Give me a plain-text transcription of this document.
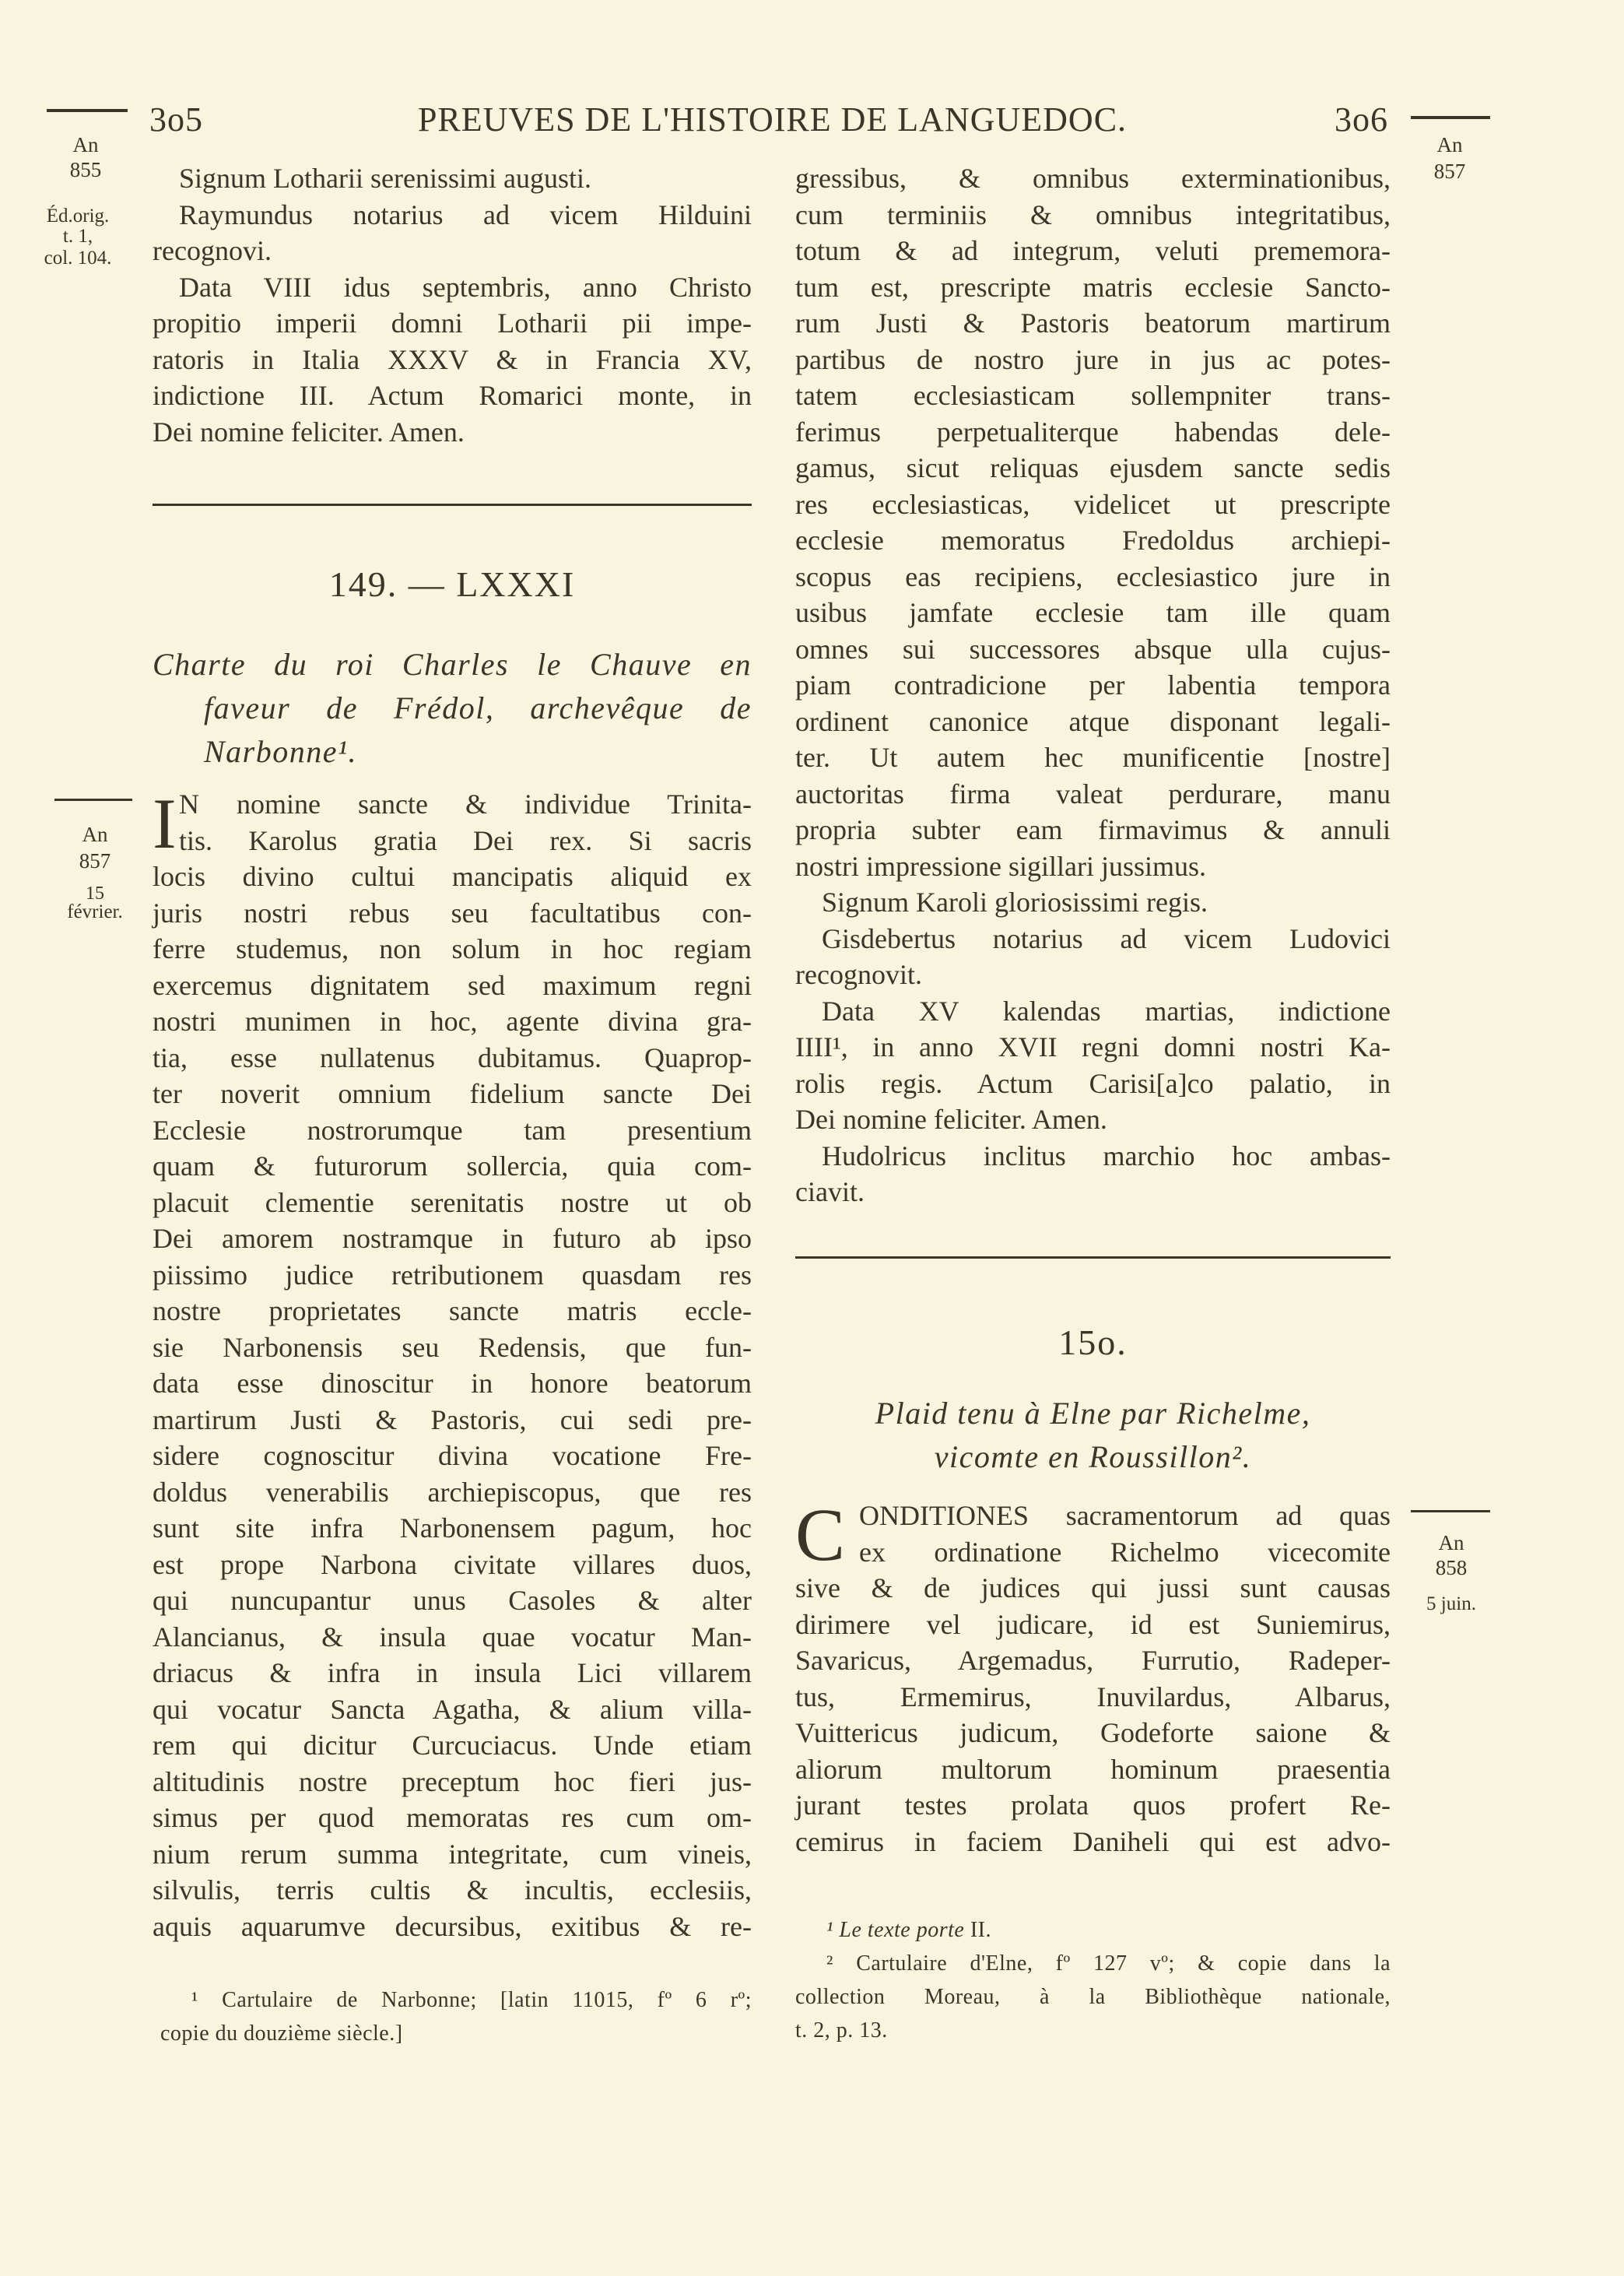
3o5	PREUVES DE L'HISTOIRE DE LANGUEDOC.	3o6
An
855
Éd.orig.
t. 1,
col. 104.
An
857
15
février.
An
857
An
858
5 juin.
Signum Lotharii serenissimi augusti.
Raymundus notarius ad vicem Hilduini
recognovi.
Data VIII idus septembris, anno Christo
propitio imperii domni Lotharii pii impe-
ratoris in Italia XXXV & in Francia XV,
indictione III. Actum Romarici monte, in
Dei nomine feliciter. Amen.
149. — LXXXI
Charte du roi Charles le Chauve en
faveur de Frédol, archevêque de
Narbonne¹.
I N nomine sancte & individue Trinita-
tis. Karolus gratia Dei rex. Si sacris
locis divino cultui mancipatis aliquid ex
juris nostri rebus seu facultatibus con-
ferre studemus, non solum in hoc regiam
exercemus dignitatem sed maximum regni
nostri munimen in hoc, agente divina gra-
tia, esse nullatenus dubitamus. Quaprop-
ter noverit omnium fidelium sancte Dei
Ecclesie nostrorumque tam presentium
quam & futurorum sollercia, quia com-
placuit clementie serenitatis nostre ut ob
Dei amorem nostramque in futuro ab ipso
piissimo judice retributionem quasdam res
nostre proprietates sancte matris eccle-
sie Narbonensis seu Redensis, que fun-
data esse dinoscitur in honore beatorum
martirum Justi & Pastoris, cui sedi pre-
sidere cognoscitur divina vocatione Fre-
doldus venerabilis archiepiscopus, que res
sunt site infra Narbonensem pagum, hoc
est prope Narbona civitate villares duos,
qui nuncupantur unus Casoles & alter
Alancianus, & insula quae vocatur Man-
driacus & infra in insula Lici villarem
qui vocatur Sancta Agatha, & alium villa-
rem qui dicitur Curcuciacus. Unde etiam
altitudinis nostre preceptum hoc fieri jus-
simus per quod memoratas res cum om-
nium rerum summa integritate, cum vineis,
silvulis, terris cultis & incultis, ecclesiis,
aquis aquarumve decursibus, exitibus & re-
¹ Cartulaire de Narbonne; [latin 11015, fº 6 rº;
copie du douzième siècle.]
gressibus, & omnibus exterminationibus,
cum terminiis & omnibus integritatibus,
totum & ad integrum, veluti prememora-
tum est, prescripte matris ecclesie Sancto-
rum Justi & Pastoris beatorum martirum
partibus de nostro jure in jus ac potes-
tatem ecclesiasticam sollempniter trans-
ferimus perpetualiterque habendas dele-
gamus, sicut reliquas ejusdem sancte sedis
res ecclesiasticas, videlicet ut prescripte
ecclesie memoratus Fredoldus archiepi-
scopus eas recipiens, ecclesiastico jure in
usibus jamfate ecclesie tam ille quam
omnes sui successores absque ulla cujus-
piam contradicione per labentia tempora
ordinent canonice atque disponant legali-
ter. Ut autem hec munificentie [nostre]
auctoritas firma valeat perdurare, manu
propria subter eam firmavimus & annuli
nostri impressione sigillari jussimus.
Signum Karoli gloriosissimi regis.
Gisdebertus notarius ad vicem Ludovici
recognovit.
Data XV kalendas martias, indictione
IIII¹, in anno XVII regni domni nostri Ka-
rolis regis. Actum Carisi[a]co palatio, in
Dei nomine feliciter. Amen.
Hudolricus inclitus marchio hoc ambas-
ciavit.
15o.
Plaid tenu à Elne par Richelme,
vicomte en Roussillon².
C ONDITIONES sacramentorum ad quas
ex ordinatione Richelmo vicecomite
sive & de judices qui jussi sunt causas
dirimere vel judicare, id est Suniemirus,
Savaricus, Argemadus, Furrutio, Radeper-
tus, Ermemirus, Inuvilardus, Albarus,
Vuittericus judicum, Godeforte saione &
aliorum multorum hominum praesentia
jurant testes prolata quos profert Re-
cemirus in faciem Daniheli qui est advo-
¹ Le texte porte II.
² Cartulaire d'Elne, fº 127 vº; & copie dans la
collection Moreau, à la Bibliothèque nationale,
t. 2, p. 13.
